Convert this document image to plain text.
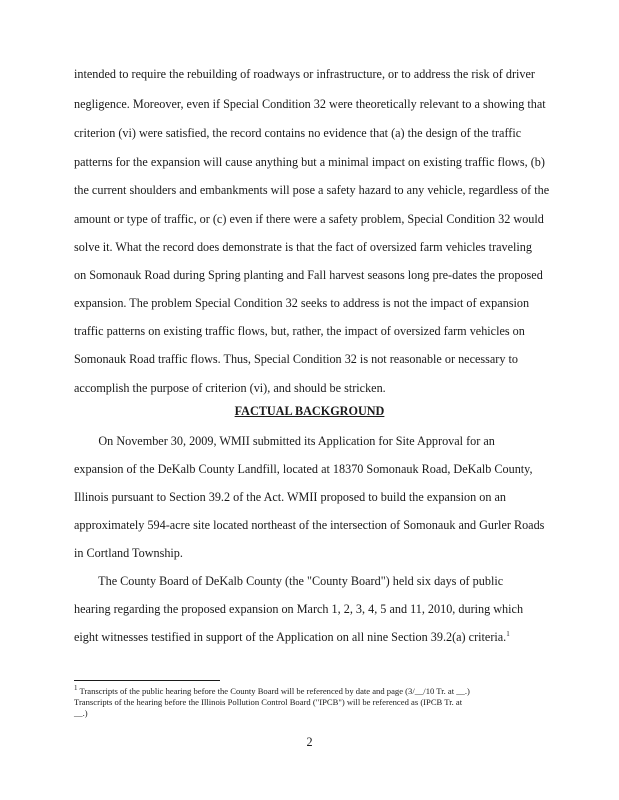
intended to require the rebuilding of roadways or infrastructure, or to address the risk of driver
negligence. Moreover, even if Special Condition 32 were theoretically relevant to a showing that
criterion (vi) were satisfied, the record contains no evidence that (a) the design of the traffic
patterns for the expansion will cause anything but a minimal impact on existing traffic flows, (b)
the current shoulders and embankments will pose a safety hazard to any vehicle, regardless of the
amount or type of traffic, or (c) even if there were a safety problem, Special Condition 32 would
solve it. What the record does demonstrate is that the fact of oversized farm vehicles traveling
on Somonauk Road during Spring planting and Fall harvest seasons long pre-dates the proposed
expansion. The problem Special Condition 32 seeks to address is not the impact of expansion
traffic patterns on existing traffic flows, but, rather, the impact of oversized farm vehicles on
Somonauk Road traffic flows. Thus, Special Condition 32 is not reasonable or necessary to
accomplish the purpose of criterion (vi), and should be stricken.
FACTUAL BACKGROUND
On November 30, 2009, WMII submitted its Application for Site Approval for an
expansion of the DeKalb County Landfill, located at 18370 Somonauk Road, DeKalb County,
Illinois pursuant to Section 39.2 of the Act. WMII proposed to build the expansion on an
approximately 594-acre site located northeast of the intersection of Somonauk and Gurler Roads
in Cortland Township.
The County Board of DeKalb County (the "County Board") held six days of public
hearing regarding the proposed expansion on March 1, 2, 3, 4, 5 and 11, 2010, during which
eight witnesses testified in support of the Application on all nine Section 39.2(a) criteria.$^1$
$^1$ Transcripts of the public hearing before the County Board will be referenced by date and page (3/__/10 Tr. at __.)
Transcripts of the hearing before the Illinois Pollution Control Board ("IPCB") will be referenced as (IPCB Tr. at
__.)
2
